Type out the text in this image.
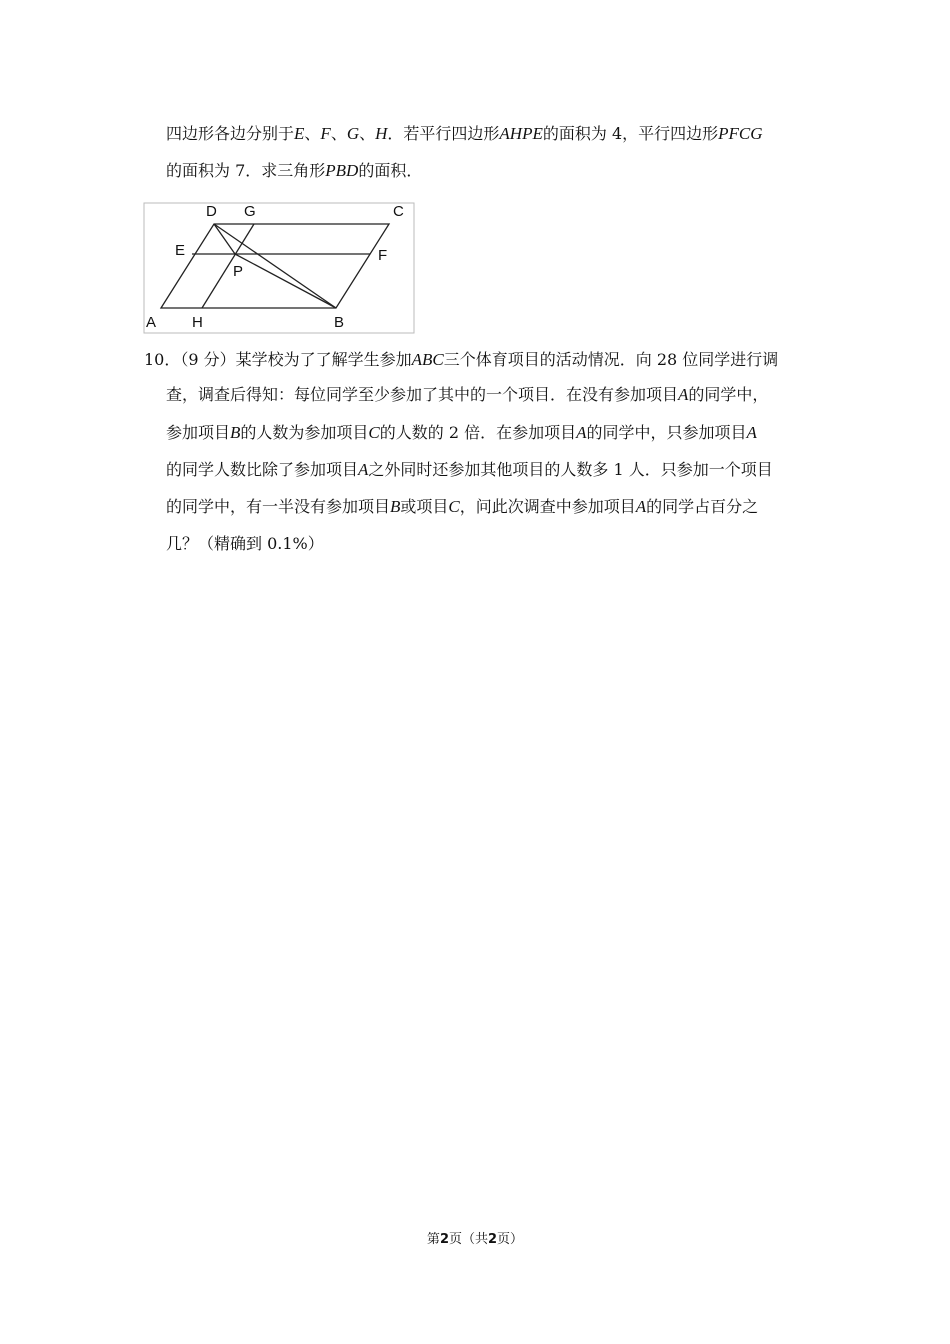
四边形各边分别于E、F、G、H．若平行四边形AHPE的面积为 4，平行四边形PFCG
的面积为 7．求三角形PBD的面积．
D G	C
E	F
P
A H	B
10．（9 分）某学校为了了解学生参加ABC三个体育项目的活动情况．向 28 位同学进行调
查，调查后得知：每位同学至少参加了其中的一个项目．在没有参加项目A的同学中，
参加项目B的人数为参加项目C的人数的 2 倍．在参加项目A的同学中，只参加项目A
的同学人数比除了参加项目A之外同时还参加其他项目的人数多 1 人．只参加一个项目
的同学中，有一半没有参加项目B或项目C，问此次调查中参加项目A的同学占百分之
几？（精确到 0.1%）
第2页（共2页）
